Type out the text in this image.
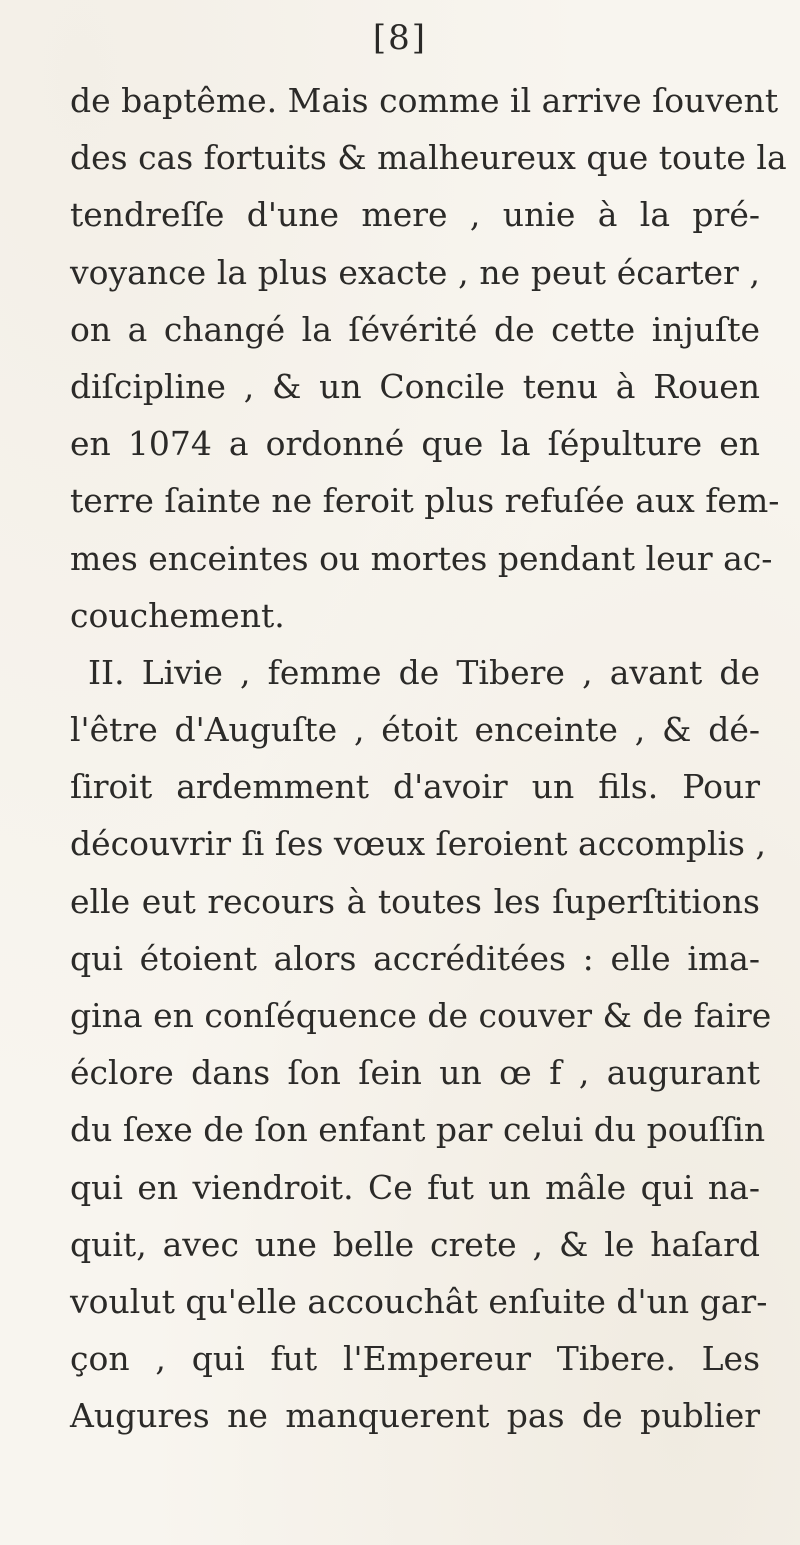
[8]
de baptême. Mais comme il arrive ſouvent
des cas fortuits & malheureux que toute la
tendreſſe d'une mere , unie à la pré-
voyance la plus exacte , ne peut écarter ,
on a changé la ſévérité de cette injuſte
diſcipline , & un Concile tenu à Rouen
en 1074 a ordonné que la ſépulture en
terre ſainte ne feroit plus refuſée aux fem-
mes enceintes ou mortes pendant leur ac-
couchement.
II. Livie , femme de Tibere , avant de
l'être d'Auguſte , étoit enceinte , & dé-
ſiroit ardemment d'avoir un fils. Pour
découvrir ſi ſes vœux ſeroient accomplis ,
elle eut recours à toutes les ſuperſtitions
qui étoient alors accréditées : elle ima-
gina en conſéquence de couver & de faire
éclore dans ſon ſein un œ f , augurant
du ſexe de ſon enfant par celui du pouſſin
qui en viendroit. Ce fut un mâle qui na-
quit, avec une belle crete , & le haſard
voulut qu'elle accouchât enſuite d'un gar-
çon , qui fut l'Empereur Tibere. Les
Augures ne manquerent pas de publier
